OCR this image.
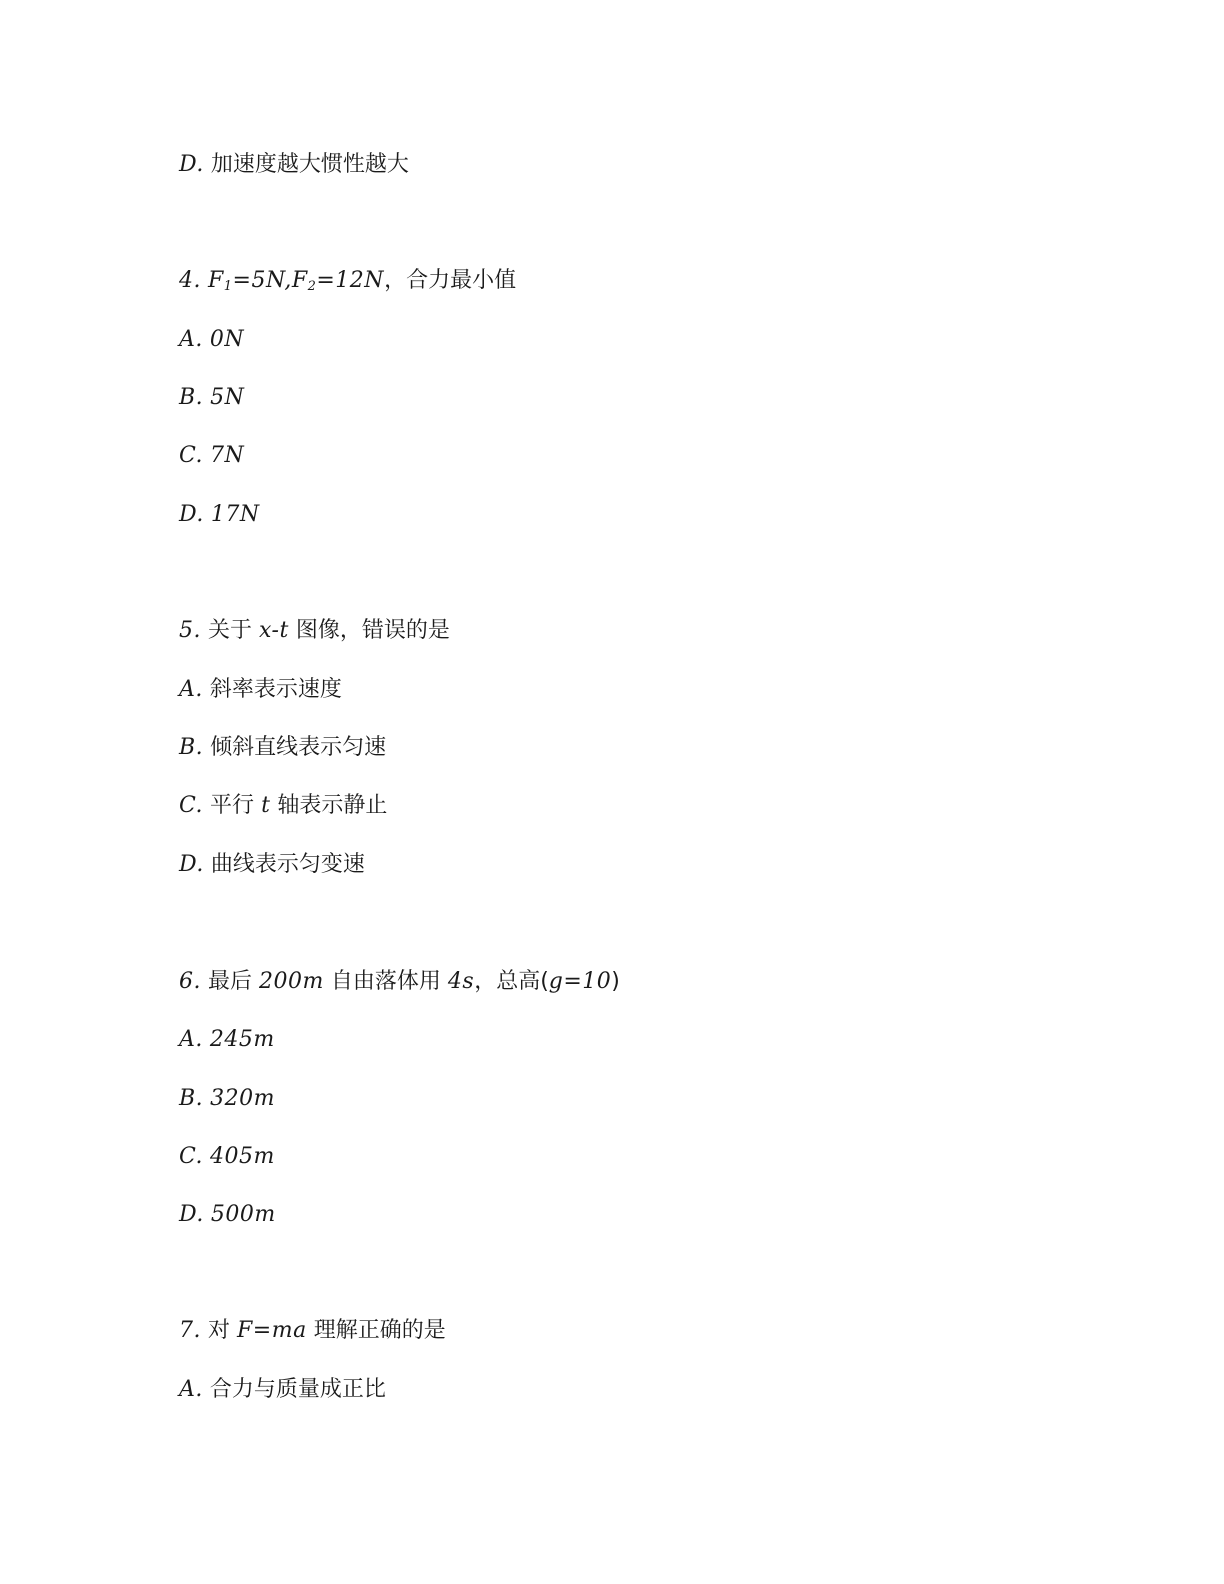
D. 加速度越大惯性越大
4. $F_1=5N,F_2=12N$，合力最小值
A. 0N
B. 5N
C. 7N
D. 17N
5. 关于 x-t 图像，错误的是
A. 斜率表示速度
B. 倾斜直线表示匀速
C. 平行 t 轴表示静止
D. 曲线表示匀变速
6. 最后 200m 自由落体用 4s，总高(g=10)
A. 245m
B. 320m
C. 405m
D. 500m
7. 对 F=ma 理解正确的是
A. 合力与质量成正比
